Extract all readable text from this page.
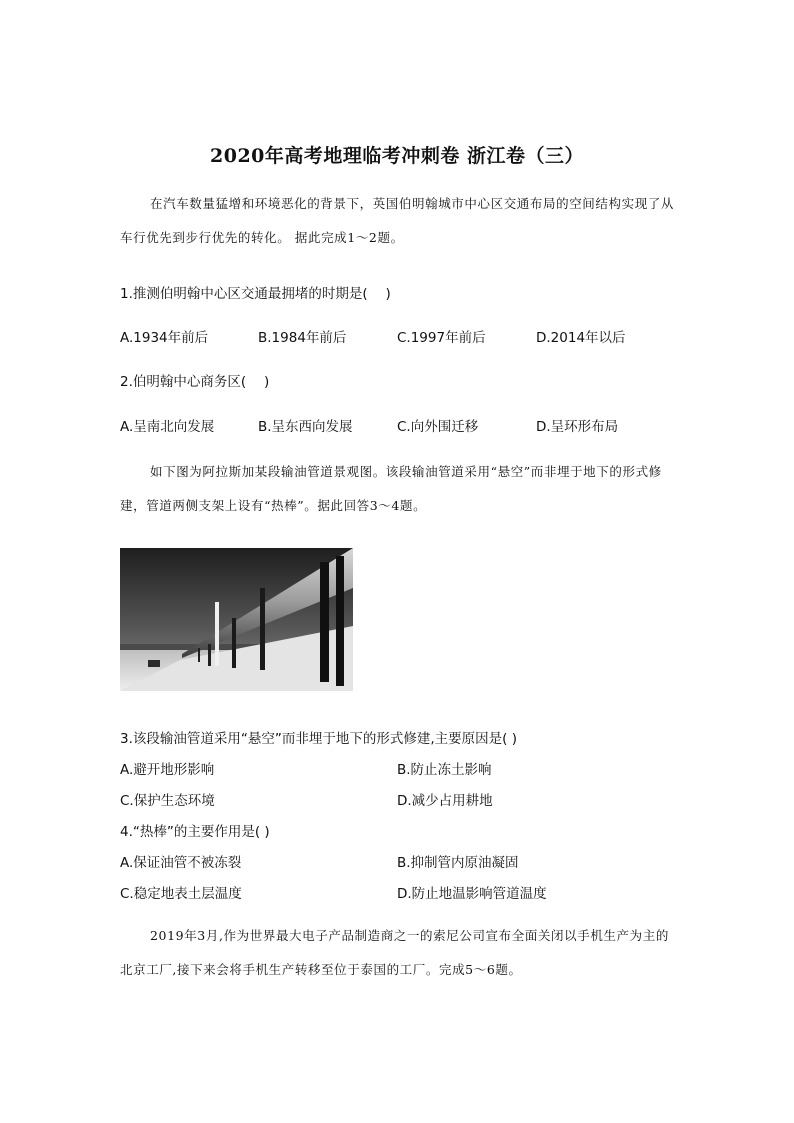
2020年高考地理临考冲刺卷 浙江卷（三）
在汽车数量猛增和环境恶化的背景下，英国伯明翰城市中心区交通布局的空间结构实现了从车行优先到步行优先的转化。 据此完成1～2题。
1.推测伯明翰中心区交通最拥堵的时期是(　 )
A.1934年前后	B.1984年前后	C.1997年前后	D.2014年以后
2.伯明翰中心商务区(　 )
A.呈南北向发展	B.呈东西向发展	C.向外围迁移	D.呈环形布局
如下图为阿拉斯加某段输油管道景观图。该段输油管道采用“悬空”而非埋于地下的形式修建，管道两侧支架上设有“热棒”。据此回答3～4题。
3.该段输油管道采用“悬空”而非埋于地下的形式修建,主要原因是( )
A.避开地形影响	B.防止冻土影响
C.保护生态环境	D.减少占用耕地
4.“热棒”的主要作用是( )
A.保证油管不被冻裂	B.抑制管内原油凝固
C.稳定地表土层温度	D.防止地温影响管道温度
2019年3月,作为世界最大电子产品制造商之一的索尼公司宣布全面关闭以手机生产为主的北京工厂,接下来会将手机生产转移至位于泰国的工厂。完成5～6题。
